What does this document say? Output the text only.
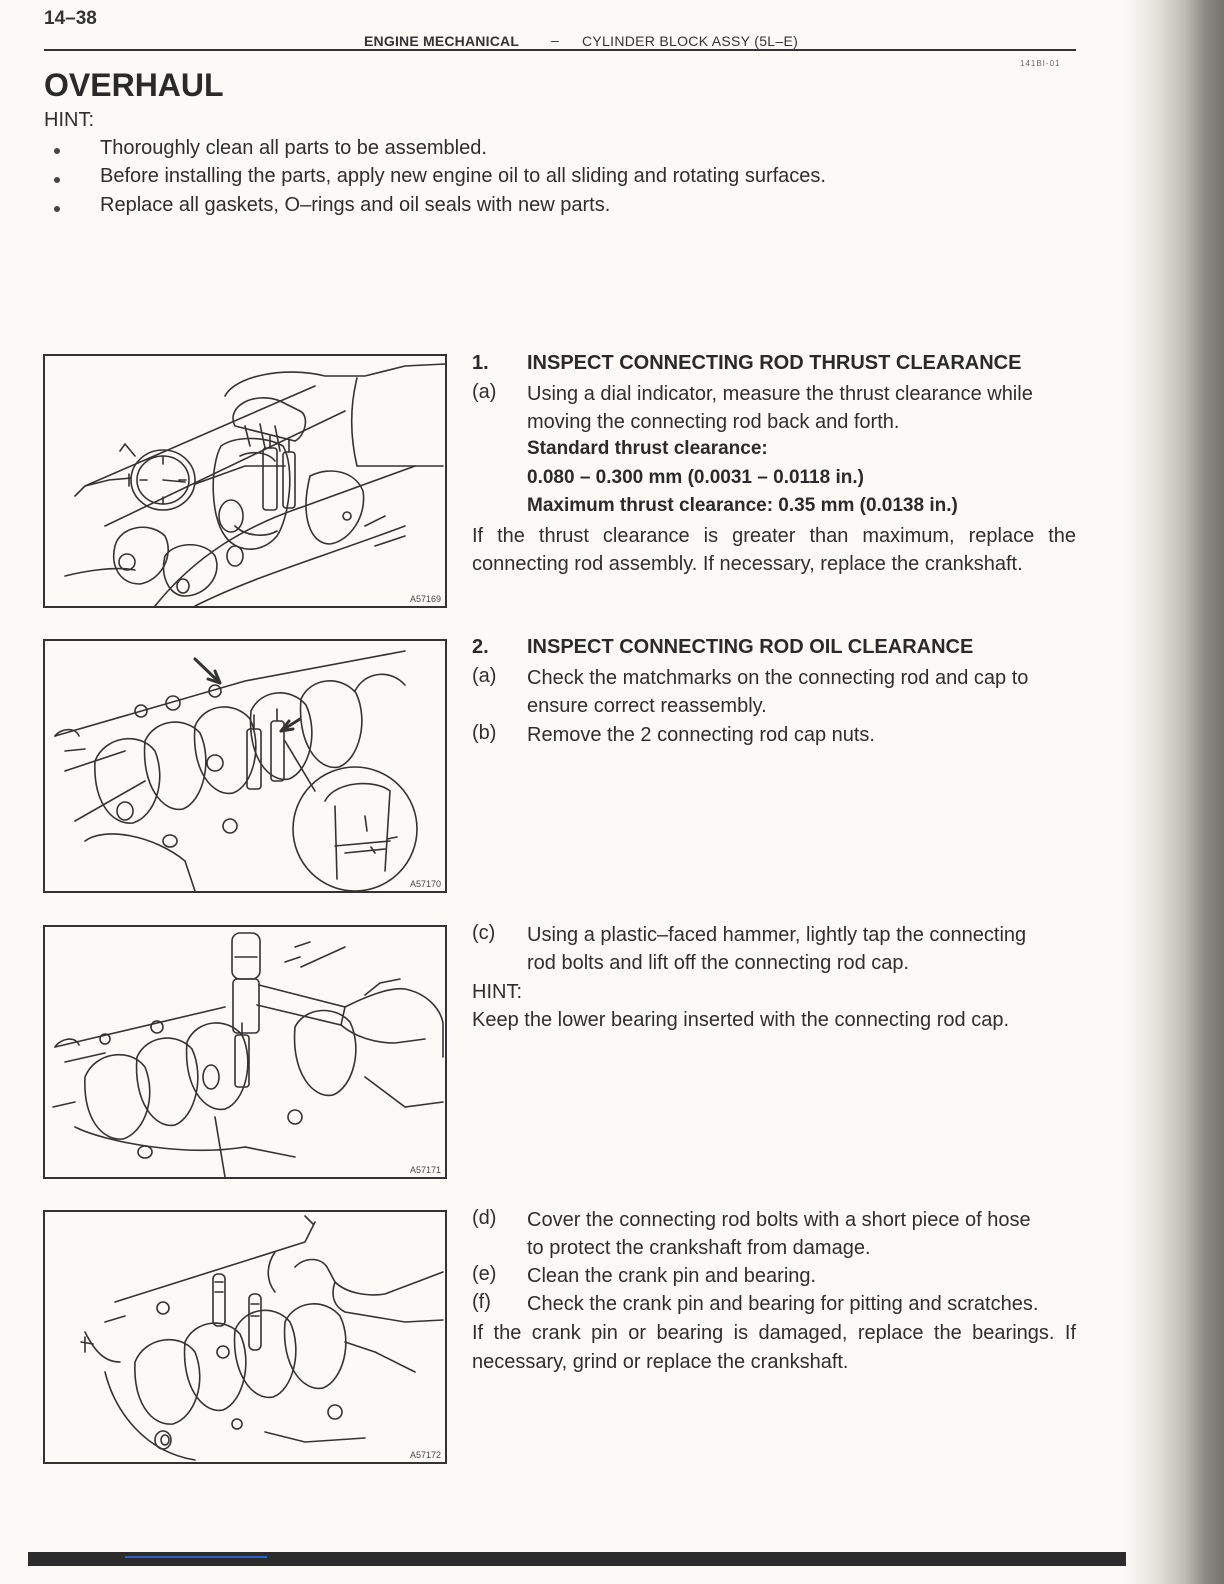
14–38
ENGINE MECHANICAL – CYLINDER BLOCK ASSY (5L–E)
141BI-01
OVERHAUL
HINT:
Thoroughly clean all parts to be assembled.
Before installing the parts, apply new engine oil to all sliding and rotating surfaces.
Replace all gaskets, O–rings and oil seals with new parts.
A57169
A57170
A57171
A57172
1. INSPECT CONNECTING ROD THRUST CLEARANCE
(a) Using a dial indicator, measure the thrust clearance while
moving the connecting rod back and forth.
Standard thrust clearance:
0.080 – 0.300 mm (0.0031 – 0.0118 in.)
Maximum thrust clearance: 0.35 mm (0.0138 in.)
If the thrust clearance is greater than maximum, replace the
connecting rod assembly. If necessary, replace the crankshaft.
2. INSPECT CONNECTING ROD OIL CLEARANCE
(a) Check the matchmarks on the connecting rod and cap to
ensure correct reassembly.
(b) Remove the 2 connecting rod cap nuts.
(c) Using a plastic–faced hammer, lightly tap the connecting
rod bolts and lift off the connecting rod cap.
HINT:
Keep the lower bearing inserted with the connecting rod cap.
(d) Cover the connecting rod bolts with a short piece of hose
to protect the crankshaft from damage.
(e) Clean the crank pin and bearing.
(f) Check the crank pin and bearing for pitting and scratches.
If the crank pin or bearing is damaged, replace the bearings. If
necessary, grind or replace the crankshaft.
